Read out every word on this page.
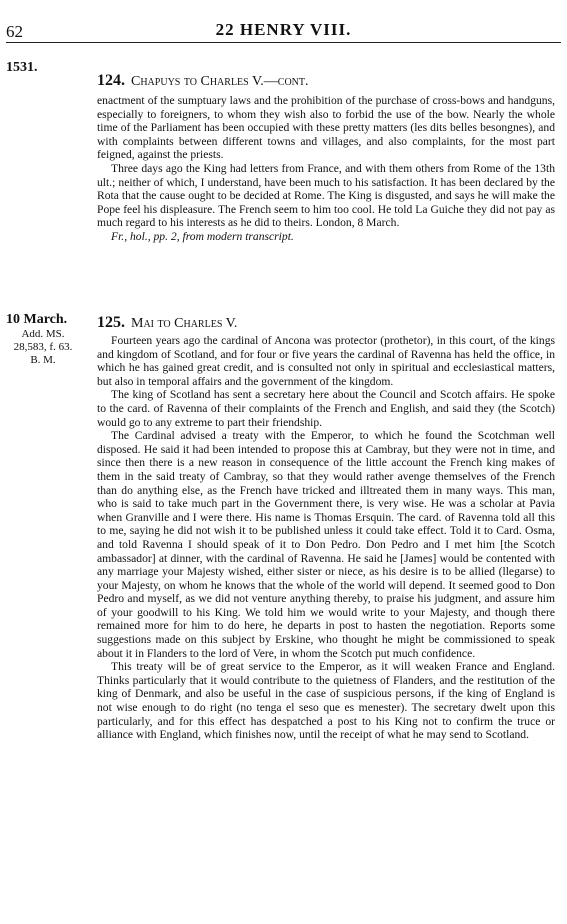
62	22 HENRY VIII.
1531.
124. Chapuys to Charles V.—cont.

enactment of the sumptuary laws and the prohibition of the purchase of cross-bows and handguns, especially to foreigners, to whom they wish also to forbid the use of the bow. Nearly the whole time of the Parliament has been occupied with these pretty matters (les dits belles besongnes), and with complaints between different towns and villages, and also complaints, for the most part feigned, against the priests.

Three days ago the King had letters from France, and with them others from Rome of the 13th ult.; neither of which, I understand, have been much to his satisfaction. It has been declared by the Rota that the cause ought to be decided at Rome. The King is disgusted, and says he will make the Pope feel his displeasure. The French seem to him too cool. He told La Guiche they did not pay as much regard to his interests as he did to theirs. London, 8 March.

Fr., hol., pp. 2, from modern transcript.

10 March.
Add. MS.
28,583, f. 63.
B. M.
125. Mai to Charles V.

Fourteen years ago the cardinal of Ancona was protector (prothetor), in this court, of the kings and kingdom of Scotland, and for four or five years the cardinal of Ravenna has held the office, in which he has gained great credit, and is consulted not only in spiritual and ecclesiastical matters, but also in temporal affairs and the government of the kingdom.

The king of Scotland has sent a secretary here about the Council and Scotch affairs. He spoke to the card. of Ravenna of their complaints of the French and English, and said they (the Scotch) would go to any extreme to part their friendship.

The Cardinal advised a treaty with the Emperor, to which he found the Scotchman well disposed. He said it had been intended to propose this at Cambray, but they were not in time, and since then there is a new reason in consequence of the little account the French king makes of them in the said treaty of Cambray, so that they would rather avenge themselves of the French than do anything else, as the French have tricked and illtreated them in many ways. This man, who is said to take much part in the Government there, is very wise. He was a scholar at Pavia when Granville and I were there. His name is Thomas Ersquin. The card. of Ravenna told all this to me, saying he did not wish it to be published unless it could take effect. Told it to Card. Osma, and told Ravenna I should speak of it to Don Pedro. Don Pedro and I met him [the Scotch ambassador] at dinner, with the cardinal of Ravenna. He said he [James] would be contented with any marriage your Majesty wished, either sister or niece, as his desire is to be allied (llegarse) to your Majesty, on whom he knows that the whole of the world will depend. It seemed good to Don Pedro and myself, as we did not venture anything thereby, to praise his judgment, and assure him of your goodwill to his King. We told him we would write to your Majesty, and though there remained more for him to do here, he departs in post to hasten the negotiation. Reports some suggestions made on this subject by Erskine, who thought he might be commissioned to speak about it in Flanders to the lord of Vere, in whom the Scotch put much confidence.

This treaty will be of great service to the Emperor, as it will weaken France and England. Thinks particularly that it would contribute to the quietness of Flanders, and the restitution of the king of Denmark, and also be useful in the case of suspicious persons, if the king of England is not wise enough to do right (no tenga el seso que es menester). The secretary dwelt upon this particularly, and for this effect has despatched a post to his King not to confirm the truce or alliance with England, which finishes now, until the receipt of what he may send to Scotland.
